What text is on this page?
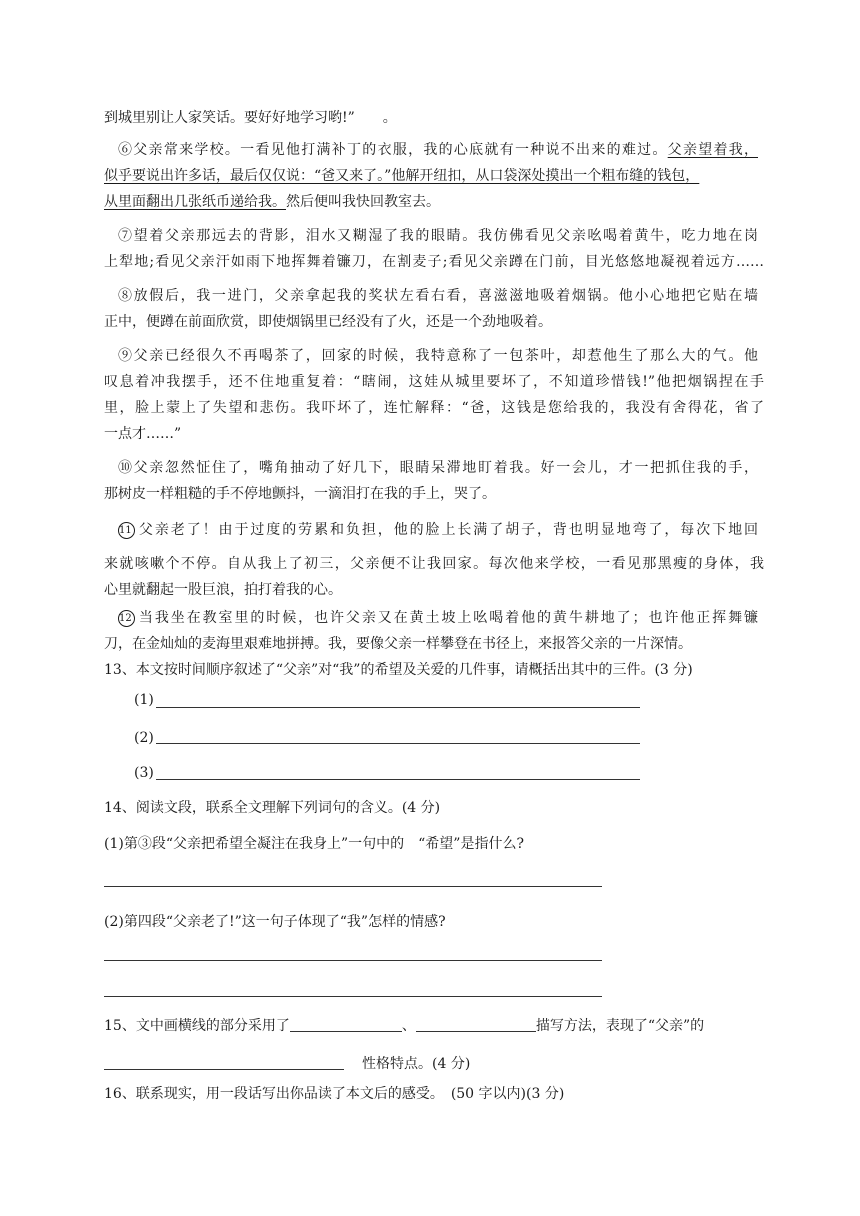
到城里别让人家笑话。要好好地学习哟!”　　。
⑥父亲常来学校。一看见他打满补丁的衣服，我的心底就有一种说不出来的难过。父亲望着我，
似乎要说出许多话，最后仅仅说：“爸又来了。”他解开纽扣，从口袋深处摸出一个粗布缝的钱包，
从里面翻出几张纸币递给我。然后便叫我快回教室去。
⑦望着父亲那远去的背影，泪水又糊湿了我的眼睛。我仿佛看见父亲吆喝着黄牛，吃力地在岗
上犁地;看见父亲汗如雨下地挥舞着镰刀，在割麦子;看见父亲蹲在门前，目光悠悠地凝视着远方……
⑧放假后，我一进门，父亲拿起我的奖状左看右看，喜滋滋地吸着烟锅。他小心地把它贴在墙
正中，便蹲在前面欣赏，即使烟锅里已经没有了火，还是一个劲地吸着。
⑨父亲已经很久不再喝茶了，回家的时候，我特意称了一包茶叶，却惹他生了那么大的气。他
叹息着冲我摆手，还不住地重复着：“瞎闹，这娃从城里要坏了，不知道珍惜钱!”他把烟锅捏在手
里，脸上蒙上了失望和悲伤。我吓坏了，连忙解释：“爸，这钱是您给我的，我没有舍得花，省了
一点才……”
⑩父亲忽然怔住了，嘴角抽动了好几下，眼睛呆滞地盯着我。好一会儿，才一把抓住我的手，
那树皮一样粗糙的手不停地颤抖，一滴泪打在我的手上，哭了。
11 父亲老了！由于过度的劳累和负担，他的脸上长满了胡子，背也明显地弯了，每次下地回
来就咳嗽个不停。自从我上了初三，父亲便不让我回家。每次他来学校，一看见那黑瘦的身体，我
心里就翻起一股巨浪，拍打着我的心。
12 当我坐在教室里的时候，也许父亲又在黄土坡上吆喝着他的黄牛耕地了；也许他正挥舞镰
刀，在金灿灿的麦海里艰难地拼搏。我，要像父亲一样攀登在书径上，来报答父亲的一片深情。
13、本文按时间顺序叙述了“父亲”对“我”的希望及关爱的几件事，请概括出其中的三件。(3 分)
(1)
(2)
(3)
14、阅读文段，联系全文理解下列词句的含义。(4 分)
(1)第③段“父亲把希望全凝注在我身上”一句中的　“希望”是指什么?
(2)第四段“父亲老了!”这一句子体现了“我”怎样的情感?
15、文中画横线的部分采用了	、	描写方法，表现了“父亲”的
性格特点。(4 分)
16、联系现实，用一段话写出你品读了本文后的感受。　(50 字以内)(3 分)
